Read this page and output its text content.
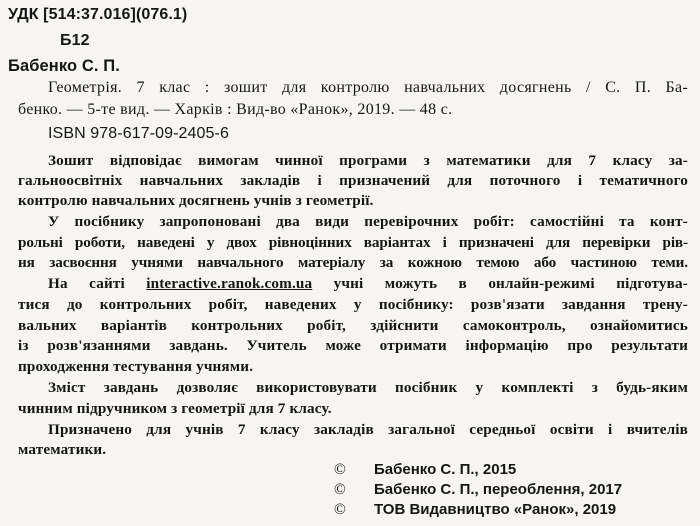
УДК [514:37.016](076.1)
Б12
Бабенко С. П.
Геометрія. 7 клас : зошит для контролю навчальних досягнень / С. П. Ба-
бенко. — 5-те вид. — Харків : Вид-во «Ранок», 2019. — 48 с.
ISBN 978-617-09-2405-6
Зошит відповідає вимогам чинної програми з математики для 7 класу за-
гальноосвітніх навчальних закладів і призначений для поточного і тематичного
контролю навчальних досягнень учнів з геометрії.
У посібнику запропоновані два види перевірочних робіт: самостійні та конт-
рольні роботи, наведені у двох рівноцінних варіантах і призначені для перевірки рів-
ня засвоєння учнями навчального матеріалу за кожною темою або частиною теми.
На сайті interactive.ranok.com.ua учні можуть в онлайн-режимі підготува-
тися до контрольних робіт, наведених у посібнику: розв'язати завдання трену-
вальних варіантів контрольних робіт, здійснити самоконтроль, ознайомитись
із розв'язаннями завдань. Учитель може отримати інформацію про результати
проходження тестування учнями.
Зміст завдань дозволяє використовувати посібник у комплекті з будь-яким
чинним підручником з геометрії для 7 класу.
Призначено для учнів 7 класу закладів загальної середньої освіти і вчителів
математики.
© Бабенко С. П., 2015
© Бабенко С. П., переоблення, 2017
© ТОВ Видавництво «Ранок», 2019
